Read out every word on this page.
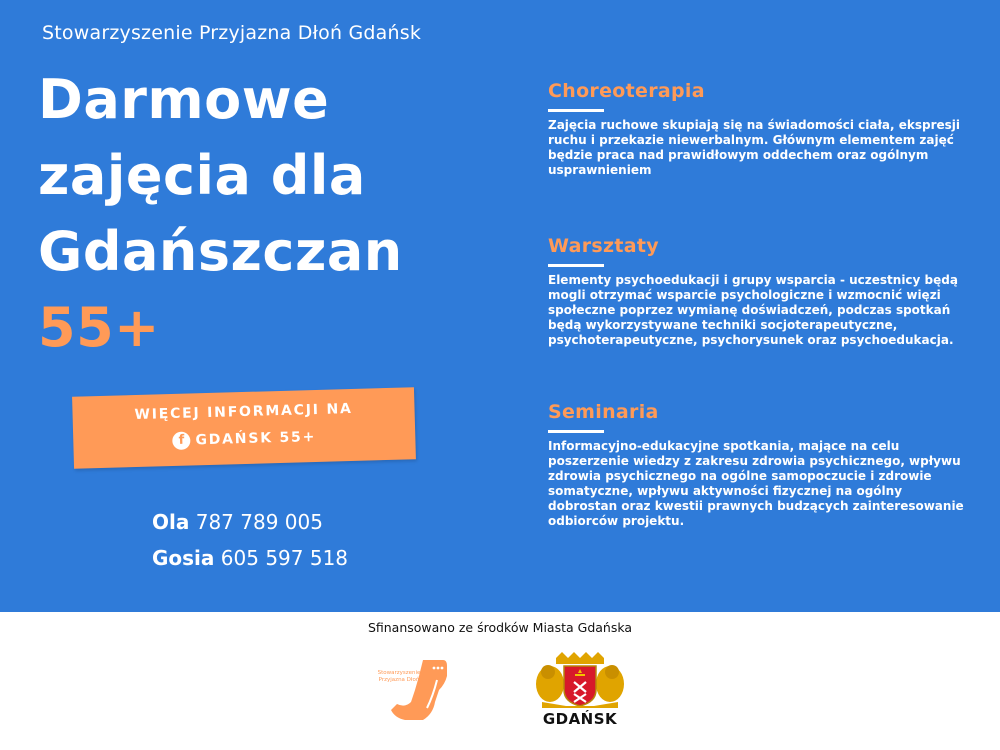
Stowarzyszenie Przyjazna Dłoń Gdańsk
Darmowe
zajęcia dla
Gdańszczan
55+
WIĘCEJ INFORMACJI NA
f GDAŃSK 55+
Ola 787 789 005
Gosia 605 597 518
Choreoterapia

Zajęcia ruchowe skupiają się na świadomości ciała, ekspresji ruchu i przekazie niewerbalnym. Głównym elementem zajęć będzie praca nad prawidłowym oddechem oraz ogólnym usprawnieniem

Warsztaty

Elementy psychoedukacji i grupy wsparcia - uczestnicy będą mogli otrzymać wsparcie psychologiczne i wzmocnić więzi społeczne poprzez wymianę doświadczeń, podczas spotkań będą wykorzystywane techniki socjoterapeutyczne, psychoterapeutyczne, psychorysunek oraz psychoedukacja.

Seminaria

Informacyjno-edukacyjne spotkania, mające na celu poszerzenie wiedzy z zakresu zdrowia psychicznego, wpływu zdrowia psychicznego na ogólne samopoczucie i zdrowie somatyczne, wpływu aktywności fizycznej na ogólny dobrostan oraz kwestii prawnych budzących zainteresowanie odbiorców projektu.

Sfinansowano ze środków Miasta Gdańska
Stowarzyszenie Przyjazna Dłoń
GDAŃSK
